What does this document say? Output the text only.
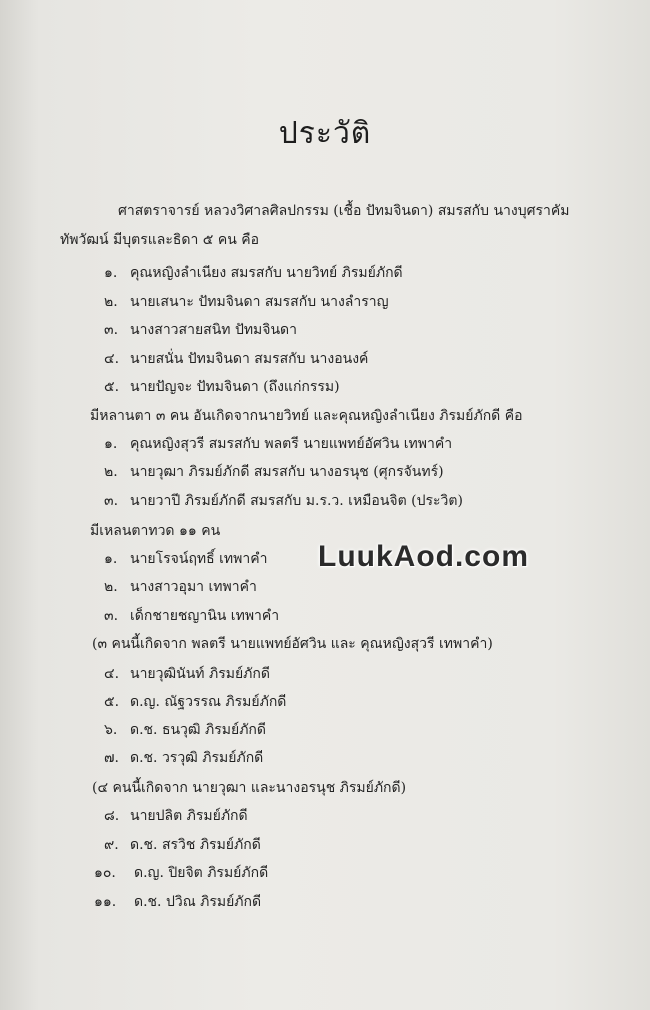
ประวัติ
ศาสตราจารย์ หลวงวิศาลศิลปกรรม (เชื้อ ปัทมจินดา) สมรสกับ นางบุศราคัม
ทัพวัฒน์ มีบุตรและธิดา ๕ คน คือ
๑. คุณหญิงลำเนียง สมรสกับ นายวิทย์ ภิรมย์ภักดี
๒. นายเสนาะ ปัทมจินดา สมรสกับ นางลำราญ
๓. นางสาวสายสนิท ปัทมจินดา
๔. นายสนั่น ปัทมจินดา สมรสกับ นางอนงค์
๕. นายปัญจะ ปัทมจินดา (ถึงแก่กรรม)
มีหลานตา ๓ คน อันเกิดจากนายวิทย์ และคุณหญิงลำเนียง ภิรมย์ภักดี คือ
๑. คุณหญิงสุวรี สมรสกับ พลตรี นายแพทย์อัศวิน เทพาคำ
๒. นายวุฒา ภิรมย์ภักดี สมรสกับ นางอรนุช (ศุกรจันทร์)
๓. นายวาปี ภิรมย์ภักดี สมรสกับ ม.ร.ว. เหมือนจิต (ประวิต)
มีเหลนตาทวด ๑๑ คน
๑. นายโรจน์ฤทธิ์ เทพาคำ
๒. นางสาวอุมา เทพาคำ
๓. เด็กชายชญานิน เทพาคำ
(๓ คนนี้เกิดจาก พลตรี นายแพทย์อัศวิน และ คุณหญิงสุวรี เทพาคำ)
๔. นายวุฒินันท์ ภิรมย์ภักดี
๕. ด.ญ. ณัฐวรรณ ภิรมย์ภักดี
๖. ด.ช. ธนวุฒิ ภิรมย์ภักดี
๗. ด.ช. วรวุฒิ ภิรมย์ภักดี
(๔ คนนี้เกิดจาก นายวุฒา และนางอรนุช ภิรมย์ภักดี)
๘. นายปลิต ภิรมย์ภักดี
๙. ด.ช. สรวิช ภิรมย์ภักดี
๑๐. ด.ญ. ปิยจิต ภิรมย์ภักดี
๑๑. ด.ช. ปวิณ ภิรมย์ภักดี
LuukAod.com
